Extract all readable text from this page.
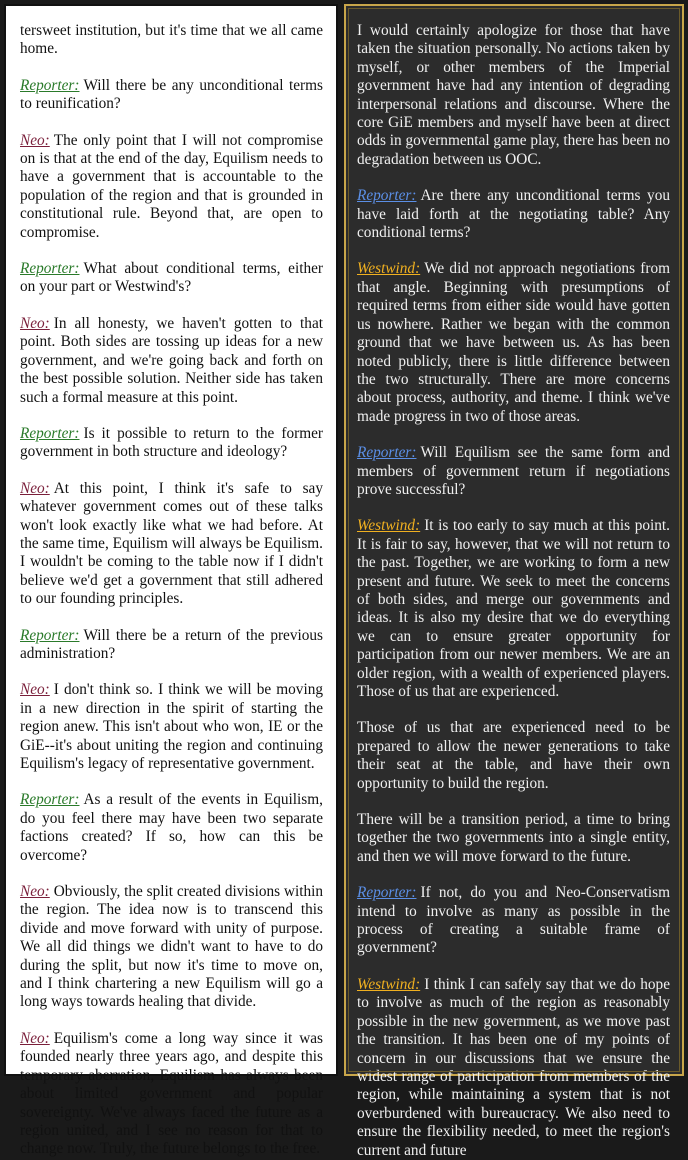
tersweet institution, but it's time that we all came home.

Reporter: Will there be any unconditional terms to reunification?

Neo: The only point that I will not compromise on is that at the end of the day, Equilism needs to have a government that is accountable to the population of the region and that is grounded in constitutional rule. Beyond that, are open to compromise.

Reporter: What about conditional terms, either on your part or Westwind's?

Neo: In all honesty, we haven't gotten to that point. Both sides are tossing up ideas for a new government, and we're going back and forth on the best possible solution. Neither side has taken such a formal measure at this point.

Reporter: Is it possible to return to the former government in both structure and ideology?

Neo: At this point, I think it's safe to say whatever government comes out of these talks won't look exactly like what we had before. At the same time, Equilism will always be Equilism. I wouldn't be coming to the table now if I didn't believe we'd get a government that still adhered to our founding principles.

Reporter: Will there be a return of the previous administration?

Neo: I don't think so. I think we will be moving in a new direction in the spirit of starting the region anew. This isn't about who won, IE or the GiE--it's about uniting the region and continuing Equilism's legacy of representative government.

Reporter: As a result of the events in Equilism, do you feel there may have been two separate factions created? If so, how can this be overcome?

Neo: Obviously, the split created divisions within the region. The idea now is to transcend this divide and move forward with unity of purpose. We all did things we didn't want to have to do during the split, but now it's time to move on, and I think chartering a new Equilism will go a long ways towards healing that divide.

Neo: Equilism's come a long way since it was founded nearly three years ago, and despite this temporary aberration, Equilism has always been about limited government and popular sovereignty. We've always faced the future as a region united, and I see no reason for that to change now. Truly, the future belongs to the free.

I would certainly apologize for those that have taken the situation personally. No actions taken by myself, or other members of the Imperial government have had any intention of degrading interpersonal relations and discourse. Where the core GiE members and myself have been at direct odds in governmental game play, there has been no degradation between us OOC.

Reporter: Are there any unconditional terms you have laid forth at the negotiating table? Any conditional terms?

Westwind: We did not approach negotiations from that angle. Beginning with presumptions of required terms from either side would have gotten us nowhere. Rather we began with the common ground that we have between us. As has been noted publicly, there is little difference between the two structurally. There are more concerns about process, authority, and theme. I think we've made progress in two of those areas.

Reporter: Will Equilism see the same form and members of government return if negotiations prove successful?

Westwind: It is too early to say much at this point. It is fair to say, however, that we will not return to the past. Together, we are working to form a new present and future. We seek to meet the concerns of both sides, and merge our governments and ideas. It is also my desire that we do everything we can to ensure greater opportunity for participation from our newer members. We are an older region, with a wealth of experienced players. Those of us that are experienced.

Those of us that are experienced need to be prepared to allow the newer generations to take their seat at the table, and have their own opportunity to build the region.

There will be a transition period, a time to bring together the two governments into a single entity, and then we will move forward to the future.

Reporter: If not, do you and Neo-Conservatism intend to involve as many as possible in the process of creating a suitable frame of government?

Westwind: I think I can safely say that we do hope to involve as much of the region as reasonably possible in the new government, as we move past the transition. It has been one of my points of concern in our discussions that we ensure the widest range of participation from members of the region, while maintaining a system that is not overburdened with bureaucracy. We also need to ensure the flexibility needed, to meet the region's current and future
